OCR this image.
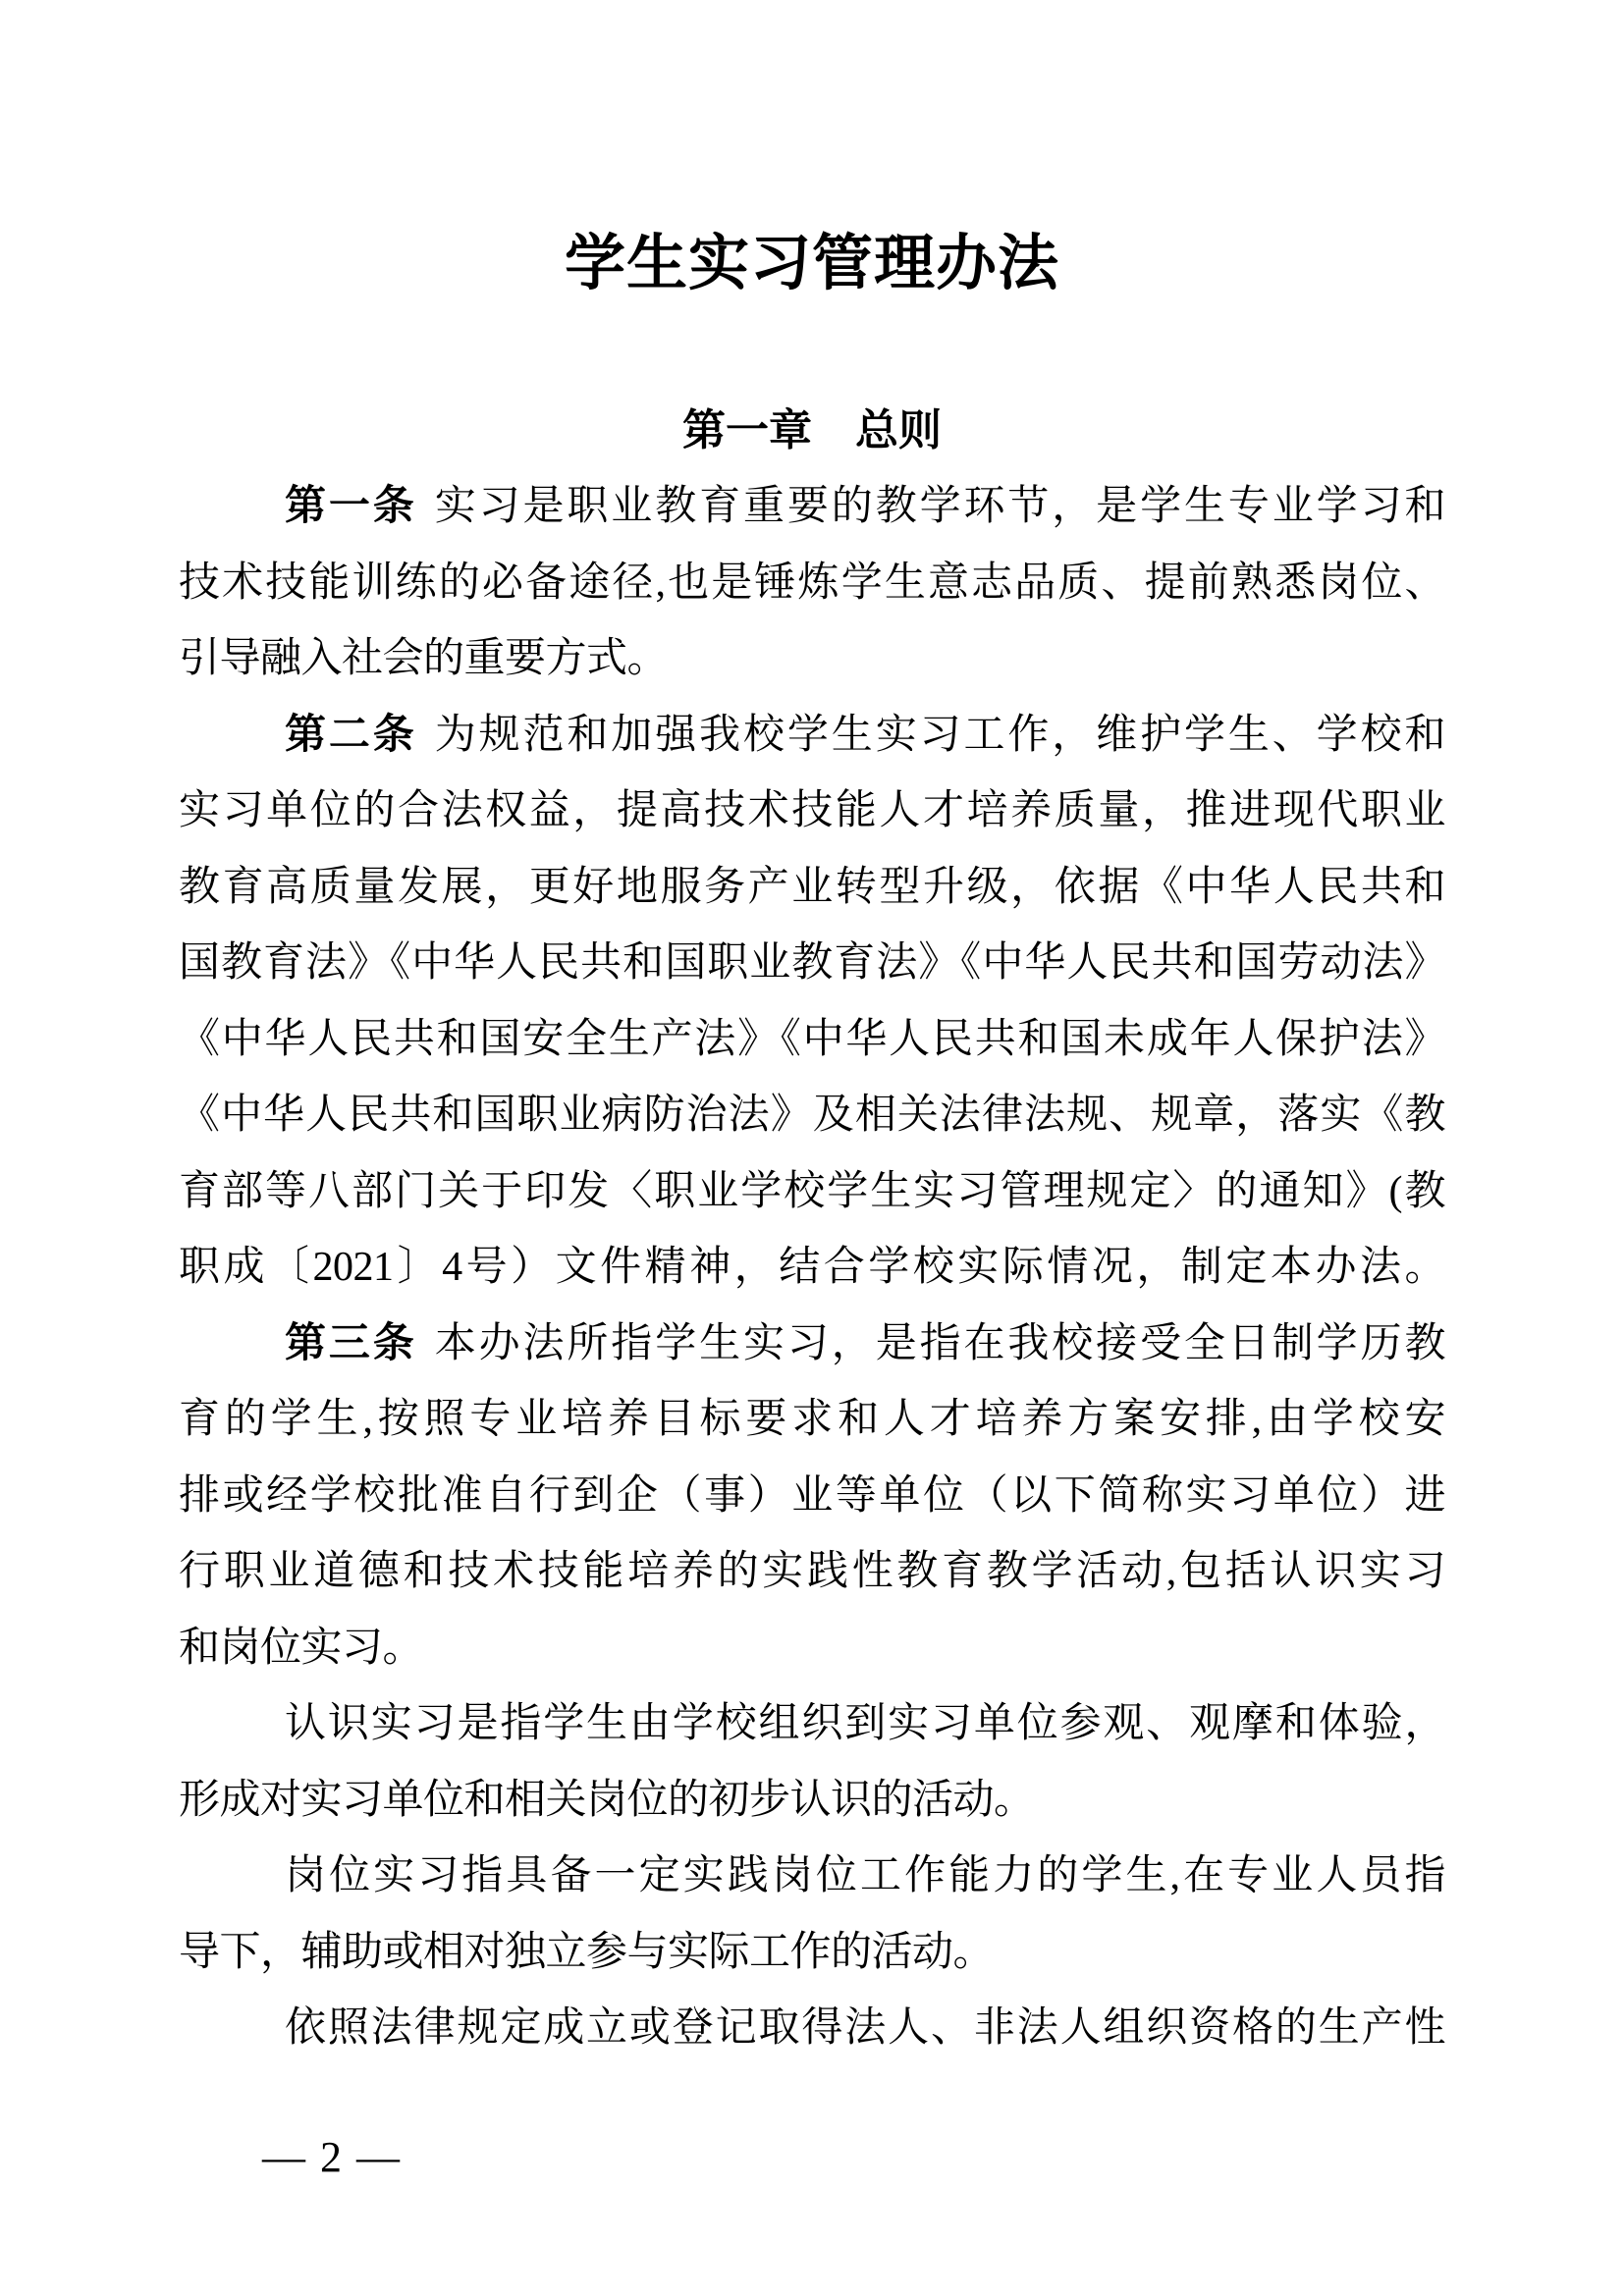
学生实习管理办法
第一章　总则
第一条 实习是职业教育重要的教学环节，是学生专业学习和
技术技能训练的必备途径,也是锤炼学生意志品质、提前熟悉岗位、
引导融入社会的重要方式。
第二条 为规范和加强我校学生实习工作，维护学生、学校和
实习单位的合法权益，提高技术技能人才培养质量，推进现代职业
教育高质量发展，更好地服务产业转型升级，依据《中华人民共和
国教育法》《中华人民共和国职业教育法》《中华人民共和国劳动法》
《中华人民共和国安全生产法》《中华人民共和国未成年人保护法》
《中华人民共和国职业病防治法》及相关法律法规、规章，落实《教
育部等八部门关于印发〈职业学校学生实习管理规定〉的通知》(教
职成〔2021〕4号）文件精神，结合学校实际情况，制定本办法。
第三条 本办法所指学生实习，是指在我校接受全日制学历教
育的学生,按照专业培养目标要求和人才培养方案安排,由学校安
排或经学校批准自行到企（事）业等单位（以下简称实习单位）进
行职业道德和技术技能培养的实践性教育教学活动,包括认识实习
和岗位实习。
认识实习是指学生由学校组织到实习单位参观、观摩和体验，
形成对实习单位和相关岗位的初步认识的活动。
岗位实习指具备一定实践岗位工作能力的学生,在专业人员指
导下，辅助或相对独立参与实际工作的活动。
依照法律规定成立或登记取得法人、非法人组织资格的生产性
— 2 —
